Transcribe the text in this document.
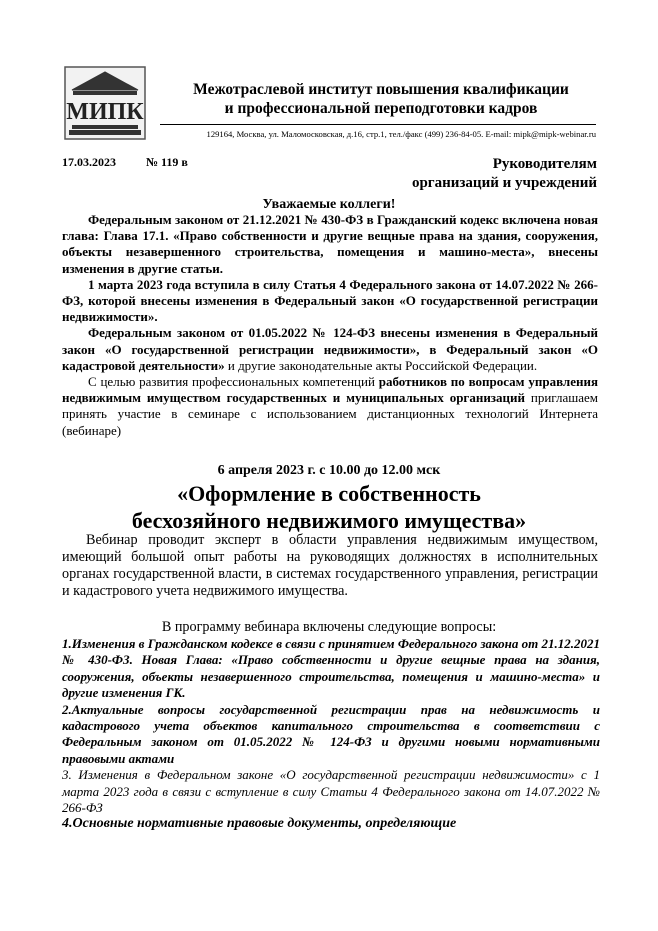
МИПК
Межотраслевой институт повышения квалификации
и профессиональной переподготовки кадров
129164, Москва, ул. Маломосковская, д.16, стр.1, тел./факс (499) 236-84-05. E-mail: mipk@mipk-webinar.ru
17.03.2023	№ 119 в	Руководителям
организаций и учреждений
Уважаемые коллеги!

Федеральным законом от 21.12.2021 № 430-ФЗ в Гражданский кодекс включена новая глава: Глава 17.1. «Право собственности и другие вещные права на здания, сооружения, объекты незавершенного строительства, помещения и машино-места», внесены изменения в другие статьи.

1 марта 2023 года вступила в силу Статья 4 Федерального закона от 14.07.2022 № 266-ФЗ, которой внесены изменения в Федеральный закон «О государственной регистрации недвижимости».

Федеральным законом от 01.05.2022 № 124-ФЗ внесены изменения в Федеральный закон «О государственной регистрации недвижимости», в Федеральный закон «О кадастровой деятельности» и другие законодательные акты Российской Федерации.

С целью развития профессиональных компетенций работников по вопросам управления недвижимым имуществом государственных и муниципальных организаций приглашаем принять участие в семинаре с использованием дистанционных технологий Интернета (вебинаре)

6 апреля 2023 г. с 10.00 до 12.00 мск
«Оформление в собственность
бесхозяйного недвижимого имущества»

Вебинар проводит эксперт в области управления недвижимым имуществом, имеющий большой опыт работы на руководящих должностях в исполнительных органах государственной власти, в системах государственного управления, регистрации и кадастрового учета недвижимого имущества.

В программу вебинара включены следующие вопросы:

1.Изменения в Гражданском кодексе в связи с принятием Федерального закона от 21.12.2021 № 430-ФЗ. Новая Глава: «Право собственности и другие вещные права на здания, сооружения, объекты незавершенного строительства, помещения и машино-места» и другие изменения ГК.

2.Актуальные вопросы государственной регистрации прав на недвижимость и кадастрового учета объектов капитального строительства в соответствии с Федеральным законом от 01.05.2022 № 124-ФЗ и другими новыми нормативными правовыми актами

3. Изменения в Федеральном законе «О государственной регистрации недвижимости» с 1 марта 2023 года в связи с вступление в силу Статьи 4 Федерального закона от 14.07.2022 № 266-ФЗ

4.Основные нормативные правовые документы, определяющие
